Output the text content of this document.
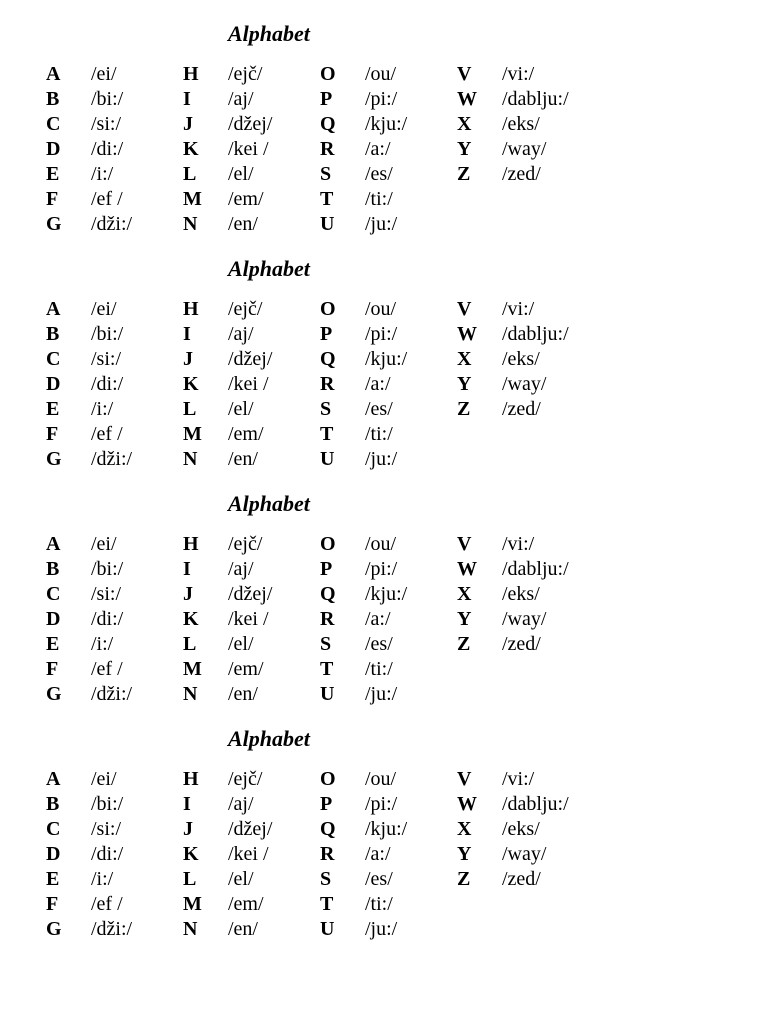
Alphabet
A /ei/
B /bi:/
C /si:/
D /di:/
E /i:/
F /ef /
G /dži:/
H /ejč/
I /aj/
J /džej/
K /kei /
L /el/
M /em/
N /en/
O /ou/
P /pi:/
Q /kju:/
R /a:/
S /es/
T /ti:/
U /ju:/
V /vi:/
W /dablju:/
X /eks/
Y /way/
Z /zed/
Alphabet
A /ei/
B /bi:/
C /si:/
D /di:/
E /i:/
F /ef /
G /dži:/
H /ejč/
I /aj/
J /džej/
K /kei /
L /el/
M /em/
N /en/
O /ou/
P /pi:/
Q /kju:/
R /a:/
S /es/
T /ti:/
U /ju:/
V /vi:/
W /dablju:/
X /eks/
Y /way/
Z /zed/
Alphabet
A /ei/
B /bi:/
C /si:/
D /di:/
E /i:/
F /ef /
G /dži:/
H /ejč/
I /aj/
J /džej/
K /kei /
L /el/
M /em/
N /en/
O /ou/
P /pi:/
Q /kju:/
R /a:/
S /es/
T /ti:/
U /ju:/
V /vi:/
W /dablju:/
X /eks/
Y /way/
Z /zed/
Alphabet
A /ei/
B /bi:/
C /si:/
D /di:/
E /i:/
F /ef /
G /dži:/
H /ejč/
I /aj/
J /džej/
K /kei /
L /el/
M /em/
N /en/
O /ou/
P /pi:/
Q /kju:/
R /a:/
S /es/
T /ti:/
U /ju:/
V /vi:/
W /dablju:/
X /eks/
Y /way/
Z /zed/
